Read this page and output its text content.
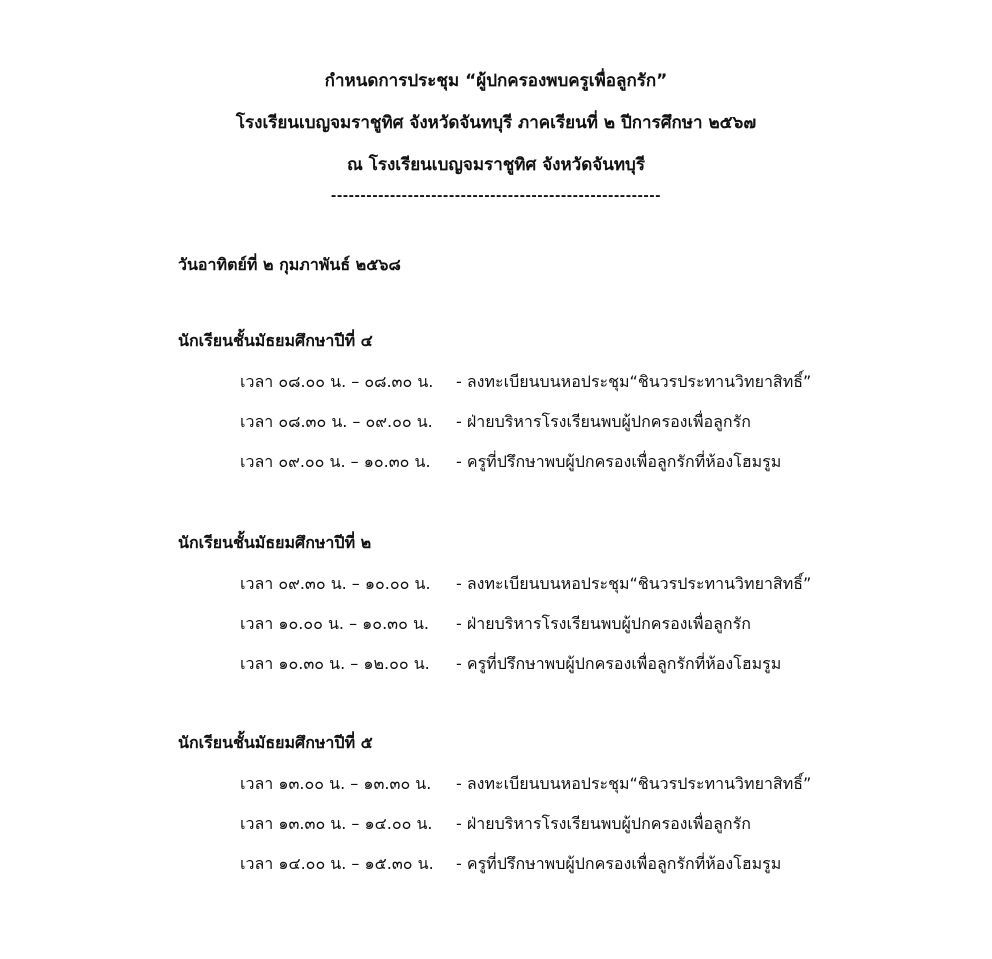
กำหนดการประชุม “ผู้ปกครองพบครูเพื่อลูกรัก”
โรงเรียนเบญจมราชูทิศ จังหวัดจันทบุรี ภาคเรียนที่ ๒ ปีการศึกษา ๒๕๖๗
ณ โรงเรียนเบญจมราชูทิศ จังหวัดจันทบุรี
--------------------------------------------------------
วันอาทิตย์ที่ ๒ กุมภาพันธ์ ๒๕๖๘
นักเรียนชั้นมัธยมศึกษาปีที่ ๔
เวลา ๐๘.๐๐ น. – ๐๘.๓๐ น.	- ลงทะเบียนบนหอประชุม“ชินวรประทานวิทยาสิทธิ์”
เวลา ๐๘.๓๐ น. – ๐๙.๐๐ น.	- ฝ่ายบริหารโรงเรียนพบผู้ปกครองเพื่อลูกรัก
เวลา ๐๙.๐๐ น. – ๑๐.๓๐ น.	- ครูที่ปรึกษาพบผู้ปกครองเพื่อลูกรักที่ห้องโฮมรูม
นักเรียนชั้นมัธยมศึกษาปีที่ ๒
เวลา ๐๙.๓๐ น. – ๑๐.๐๐ น.	- ลงทะเบียนบนหอประชุม“ชินวรประทานวิทยาสิทธิ์”
เวลา ๑๐.๐๐ น. – ๑๐.๓๐ น.	- ฝ่ายบริหารโรงเรียนพบผู้ปกครองเพื่อลูกรัก
เวลา ๑๐.๓๐ น. – ๑๒.๐๐ น.	- ครูที่ปรึกษาพบผู้ปกครองเพื่อลูกรักที่ห้องโฮมรูม
นักเรียนชั้นมัธยมศึกษาปีที่ ๕
เวลา ๑๓.๐๐ น. – ๑๓.๓๐ น.	- ลงทะเบียนบนหอประชุม“ชินวรประทานวิทยาสิทธิ์”
เวลา ๑๓.๓๐ น. – ๑๔.๐๐ น.	- ฝ่ายบริหารโรงเรียนพบผู้ปกครองเพื่อลูกรัก
เวลา ๑๔.๐๐ น. – ๑๕.๓๐ น.	- ครูที่ปรึกษาพบผู้ปกครองเพื่อลูกรักที่ห้องโฮมรูม
